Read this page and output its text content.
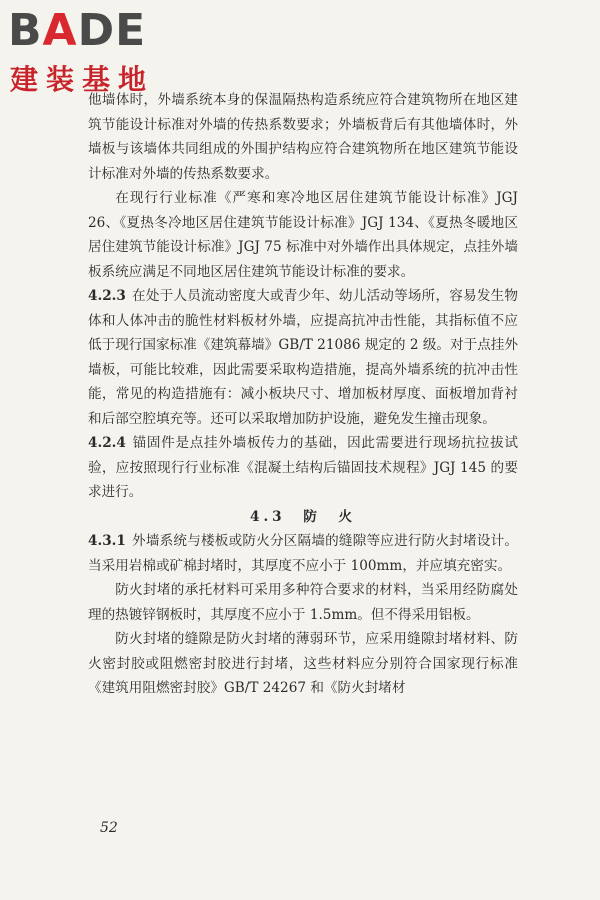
BADE
建装基地

他墙体时，外墙系统本身的保温隔热构造系统应符合建筑物所在地区建筑节能设计标准对外墙的传热系数要求；外墙板背后有其他墙体时，外墙板与该墙体共同组成的外围护结构应符合建筑物所在地区建筑节能设计标准对外墙的传热系数要求。

在现行行业标准《严寒和寒冷地区居住建筑节能设计标准》JGJ 26、《夏热冬冷地区居住建筑节能设计标准》JGJ 134、《夏热冬暖地区居住建筑节能设计标准》JGJ 75 标准中对外墙作出具体规定，点挂外墙板系统应满足不同地区居住建筑节能设计标准的要求。

4.2.3 在处于人员流动密度大或青少年、幼儿活动等场所，容易发生物体和人体冲击的脆性材料板材外墙，应提高抗冲击性能，其指标值不应低于现行国家标准《建筑幕墙》GB/T 21086 规定的 2 级。对于点挂外墙板，可能比较难，因此需要采取构造措施，提高外墙系统的抗冲击性能，常见的构造措施有：减小板块尺寸、增加板材厚度、面板增加背衬和后部空腔填充等。还可以采取增加防护设施，避免发生撞击现象。

4.2.4 锚固件是点挂外墙板传力的基础，因此需要进行现场抗拉拔试验，应按照现行行业标准《混凝土结构后锚固技术规程》JGJ 145 的要求进行。

4.3　防　火

4.3.1 外墙系统与楼板或防火分区隔墙的缝隙等应进行防火封堵设计。当采用岩棉或矿棉封堵时，其厚度不应小于 100mm，并应填充密实。

防火封堵的承托材料可采用多种符合要求的材料，当采用经防腐处理的热镀锌钢板时，其厚度不应小于 1.5mm。但不得采用铝板。

防火封堵的缝隙是防火封堵的薄弱环节，应采用缝隙封堵材料、防火密封胶或阻燃密封胶进行封堵，这些材料应分别符合国家现行标准《建筑用阻燃密封胶》GB/T 24267 和《防火封堵材

52
